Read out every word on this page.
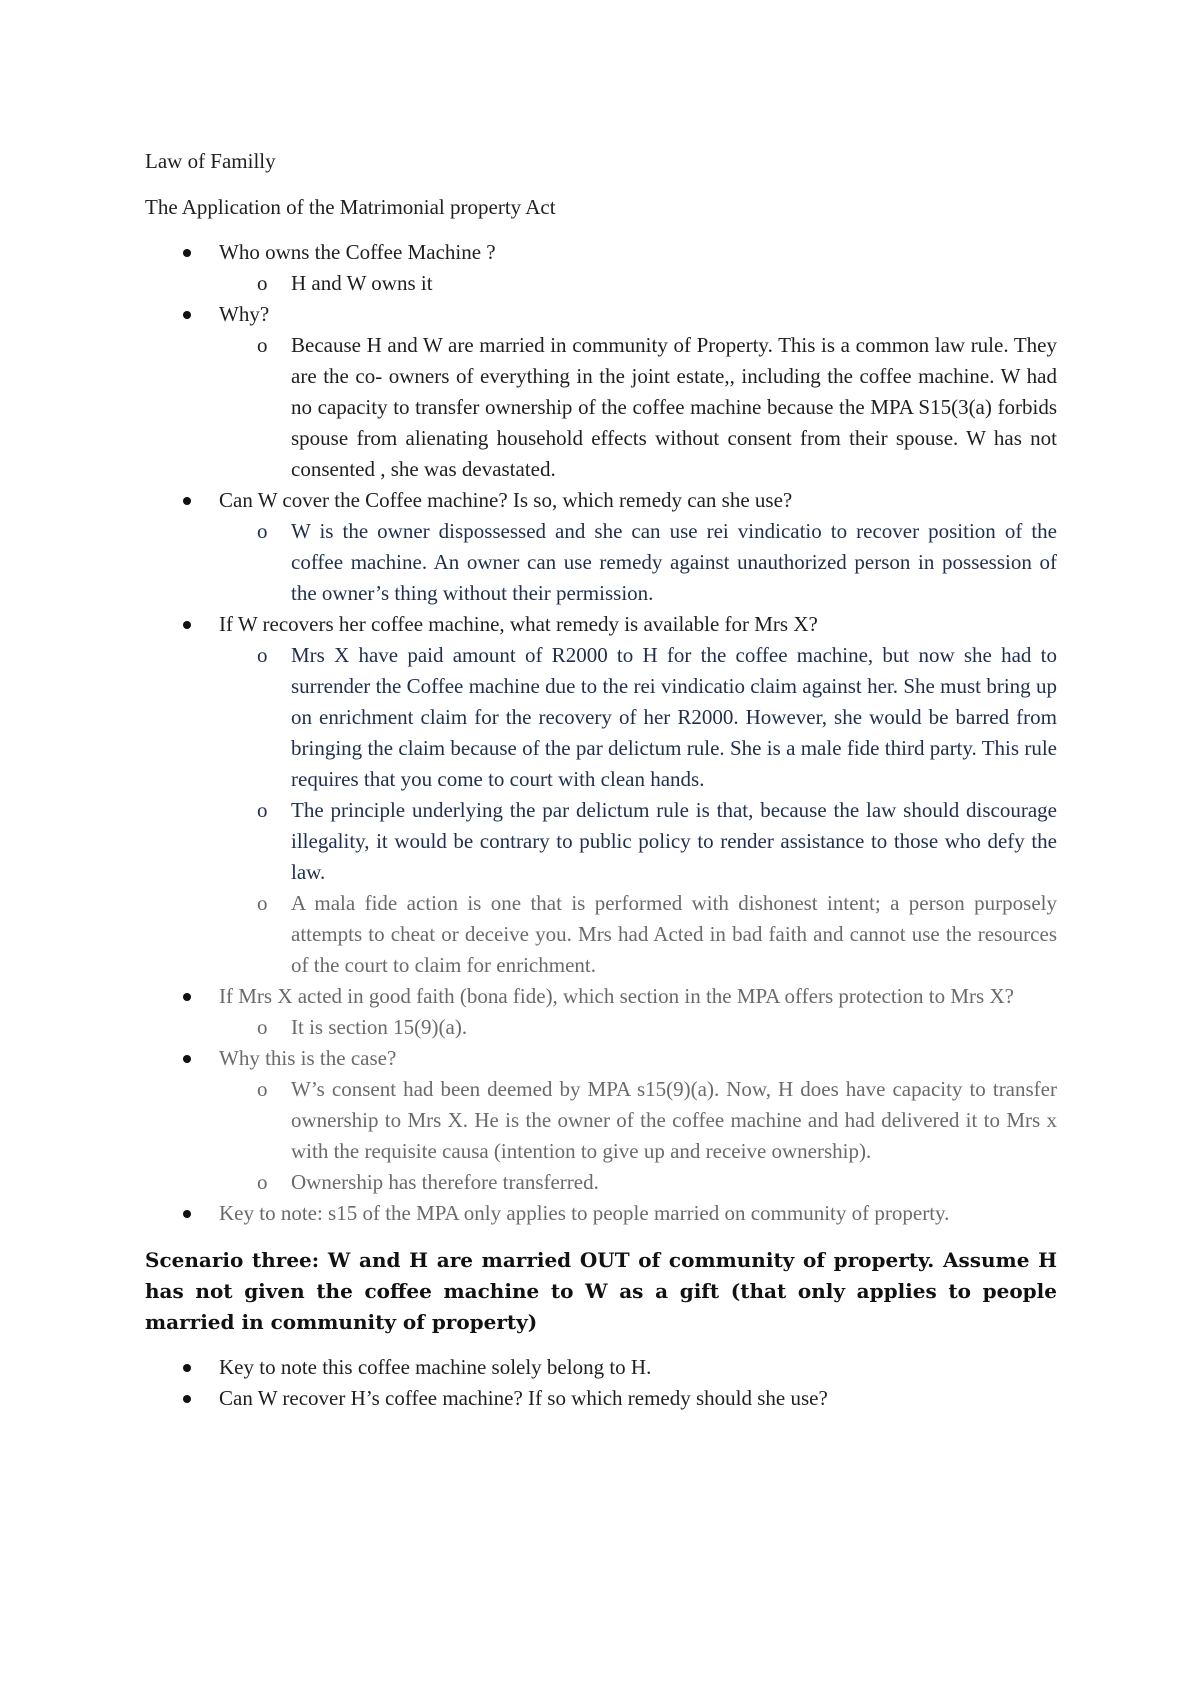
Law of Familly

The Application of the Matrimonial property Act

Who owns the Coffee Machine ?
o H and W owns it
Why?
o Because H and W are married in community of Property. This is a common law rule. They are the co- owners of everything in the joint estate,, including the coffee machine. W had no capacity to transfer ownership of the coffee machine because the MPA S15(3(a) forbids spouse from alienating household effects without consent from their spouse. W has not consented , she was devastated.
Can W cover the Coffee machine? Is so, which remedy can she use?
o W is the owner dispossessed and she can use rei vindicatio to recover position of the coffee machine. An owner can use remedy against unauthorized person in possession of the owner’s thing without their permission.
If W recovers her coffee machine, what remedy is available for Mrs X?
o Mrs X have paid amount of R2000 to H for the coffee machine, but now she had to surrender the Coffee machine due to the rei vindicatio claim against her. She must bring up on enrichment claim for the recovery of her R2000. However, she would be barred from bringing the claim because of the par delictum rule. She is a male fide third party. This rule requires that you come to court with clean hands.
o The principle underlying the par delictum rule is that, because the law should discourage illegality, it would be contrary to public policy to render assistance to those who defy the law.
o A mala fide action is one that is performed with dishonest intent; a person purposely attempts to cheat or deceive you. Mrs had Acted in bad faith and cannot use the resources of the court to claim for enrichment.
If Mrs X acted in good faith (bona fide), which section in the MPA offers protection to Mrs X?
o It is section 15(9)(a).
Why this is the case?
o W’s consent had been deemed by MPA s15(9)(a). Now, H does have capacity to transfer ownership to Mrs X. He is the owner of the coffee machine and had delivered it to Mrs x with the requisite causa (intention to give up and receive ownership).
o Ownership has therefore transferred.
Key to note: s15 of the MPA only applies to people married on community of property.

Scenario three: W and H are married OUT of community of property. Assume H has not given the coffee machine to W as a gift (that only applies to people married in community of property)

Key to note this coffee machine solely belong to H.
Can W recover H’s coffee machine? If so which remedy should she use?
